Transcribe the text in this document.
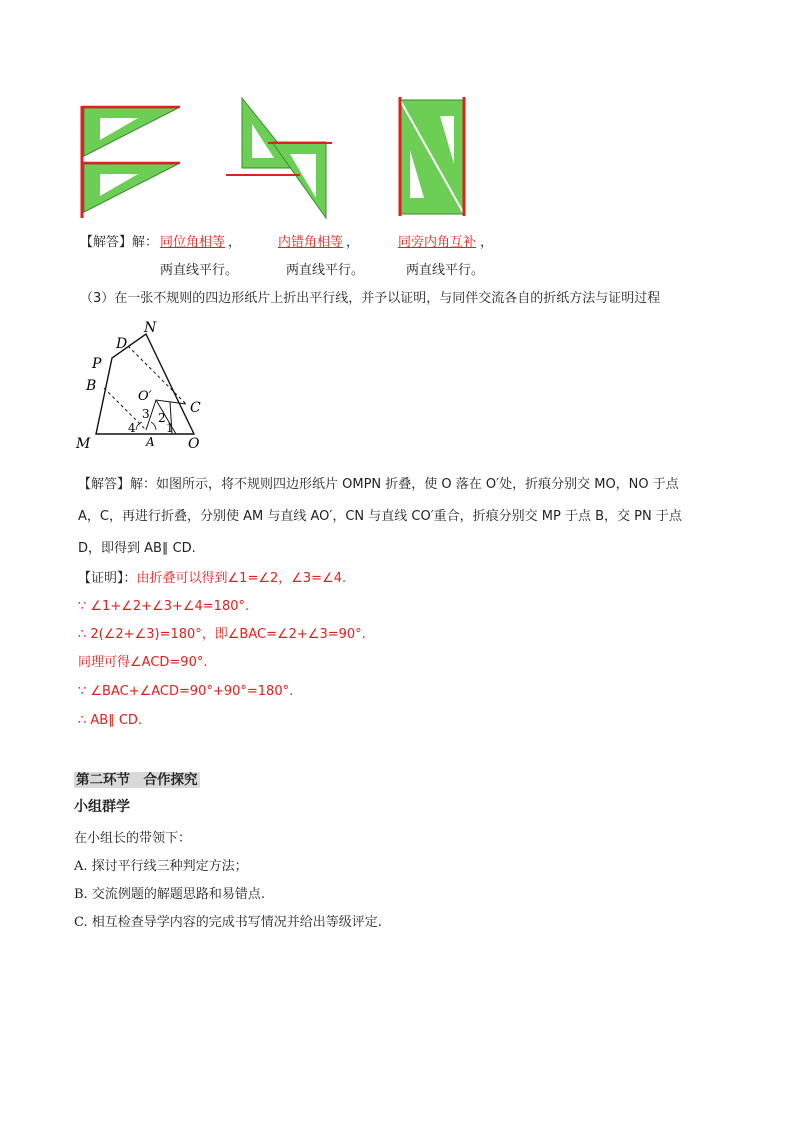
【解答】解： 同位角相等 ，	内错角相等 ，	同旁内角互补 ，
两直线平行。	两直线平行。	两直线平行。
（3）在一张不规则的四边形纸片上折出平行线，并予以证明，与同伴交流各自的折纸方法与证明过程
N
D
P
B
O′
C
3 2
4	1
M	A O
【解答】解：如图所示，将不规则四边形纸片 OMPN 折叠，使 O 落在 O′处，折痕分别交 MO，NO 于点
A，C，再进行折叠，分别使 AM 与直线 AO′，CN 与直线 CO′重合，折痕分别交 MP 于点 B，交 PN 于点
D，即得到 AB∥ CD.
【证明】：由折叠可以得到∠1=∠2，∠3=∠4.
∵ ∠1+∠2+∠3+∠4=180°.
∴ 2(∠2+∠3)=180°，即∠BAC=∠2+∠3=90°.
同理可得∠ACD=90°.
∵ ∠BAC+∠ACD=90°+90°=180°.
∴ AB∥ CD.
第二环节　合作探究
小组群学
在小组长的带领下：
A. 探讨平行线三种判定方法；
B. 交流例题的解题思路和易错点.
C. 相互检查导学内容的完成书写情况并给出等级评定.
